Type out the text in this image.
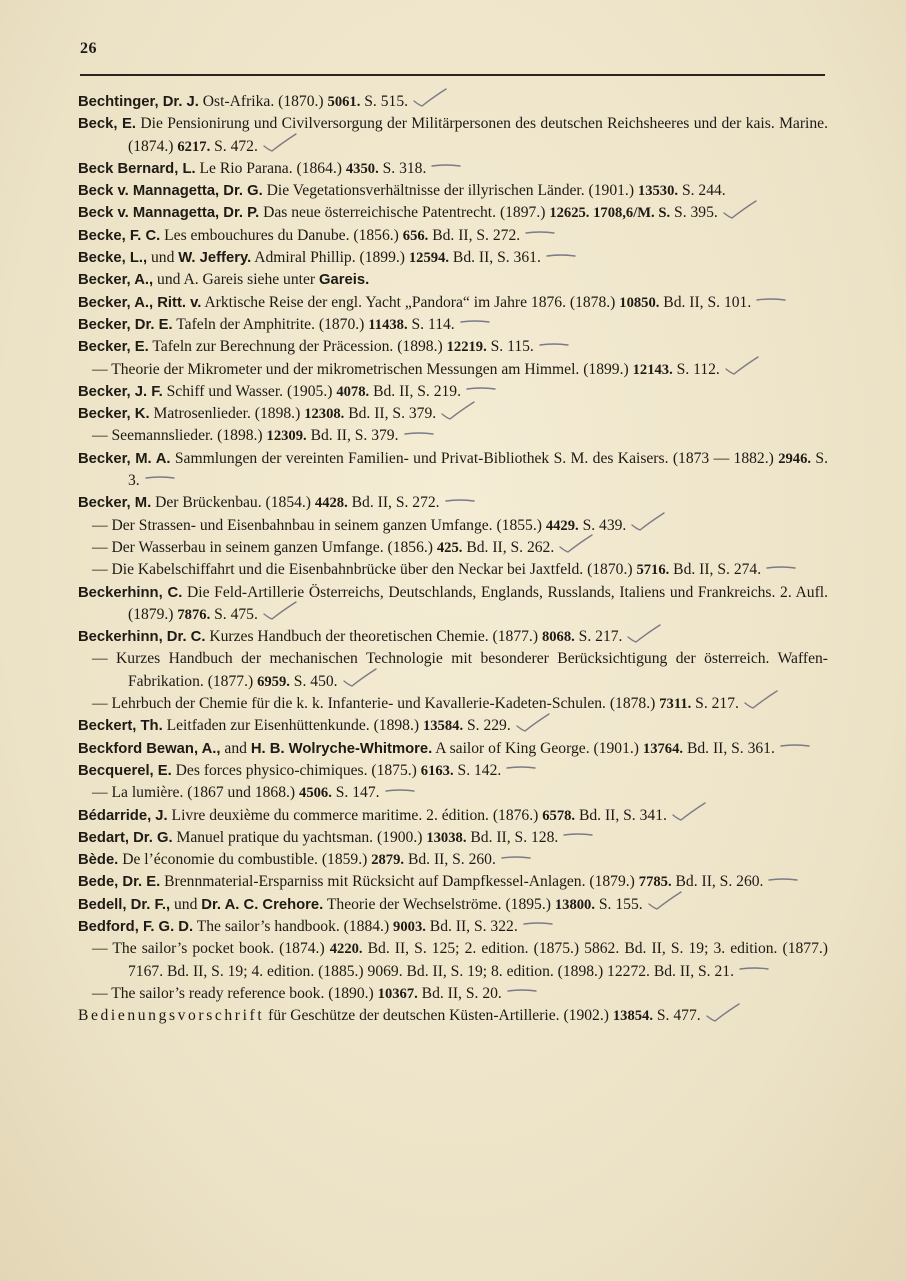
26
Bechtinger, Dr. J. Ost-Afrika. (1870.) 5061. S. 515.
Beck, E. Die Pensionirung und Civilversorgung der Militärpersonen des deutschen Reichsheeres und der kais. Marine. (1874.) 6217. S. 472.
Beck Bernard, L. Le Rio Parana. (1864.) 4350. S. 318.
Beck v. Mannagetta, Dr. G. Die Vegetationsverhältnisse der illyrischen Länder. (1901.) 13530. S. 244.
Beck v. Mannagetta, Dr. P. Das neue österreichische Patentrecht. (1897.) 12625. 1708,6/M. S. S. 395.
Becke, F. C. Les embouchures du Danube. (1856.) 656. Bd. II, S. 272.
Becke, L., und W. Jeffery. Admiral Phillip. (1899.) 12594. Bd. II, S. 361.
Becker, A., und A. Gareis siehe unter Gareis.
Becker, A., Ritt. v. Arktische Reise der engl. Yacht „Pandora“ im Jahre 1876. (1878.) 10850. Bd. II, S. 101.
Becker, Dr. E. Tafeln der Amphitrite. (1870.) 11438. S. 114.
Becker, E. Tafeln zur Berechnung der Präcession. (1898.) 12219. S. 115.
— Theorie der Mikrometer und der mikrometrischen Messungen am Himmel. (1899.) 12143. S. 112.
Becker, J. F. Schiff und Wasser. (1905.) 4078. Bd. II, S. 219.
Becker, K. Matrosenlieder. (1898.) 12308. Bd. II, S. 379.
— Seemannslieder. (1898.) 12309. Bd. II, S. 379.
Becker, M. A. Sammlungen der vereinten Familien- und Privat-Bibliothek S. M. des Kaisers. (1873 — 1882.) 2946. S. 3.
Becker, M. Der Brückenbau. (1854.) 4428. Bd. II, S. 272.
— Der Strassen- und Eisenbahnbau in seinem ganzen Umfange. (1855.) 4429. S. 439.
— Der Wasserbau in seinem ganzen Umfange. (1856.) 425. Bd. II, S. 262.
— Die Kabelschiffahrt und die Eisenbahnbrücke über den Neckar bei Jaxtfeld. (1870.) 5716. Bd. II, S. 274.
Beckerhinn, C. Die Feld-Artillerie Österreichs, Deutschlands, Englands, Russlands, Italiens und Frankreichs. 2. Aufl. (1879.) 7876. S. 475.
Beckerhinn, Dr. C. Kurzes Handbuch der theoretischen Chemie. (1877.) 8068. S. 217.
— Kurzes Handbuch der mechanischen Technologie mit besonderer Berücksichtigung der österreich. Waffen-Fabrikation. (1877.) 6959. S. 450.
— Lehrbuch der Chemie für die k. k. Infanterie- und Kavallerie-Kadeten-Schulen. (1878.) 7311. S. 217.
Beckert, Th. Leitfaden zur Eisenhüttenkunde. (1898.) 13584. S. 229.
Beckford Bewan, A., and H. B. Wolryche-Whitmore. A sailor of King George. (1901.) 13764. Bd. II, S. 361.
Becquerel, E. Des forces physico-chimiques. (1875.) 6163. S. 142.
— La lumière. (1867 und 1868.) 4506. S. 147.
Bédarride, J. Livre deuxième du commerce maritime. 2. édition. (1876.) 6578. Bd. II, S. 341.
Bedart, Dr. G. Manuel pratique du yachtsman. (1900.) 13038. Bd. II, S. 128.
Bède. De l’économie du combustible. (1859.) 2879. Bd. II, S. 260.
Bede, Dr. E. Brennmaterial-Ersparniss mit Rücksicht auf Dampfkessel-Anlagen. (1879.) 7785. Bd. II, S. 260.
Bedell, Dr. F., und Dr. A. C. Crehore. Theorie der Wechselströme. (1895.) 13800. S. 155.
Bedford, F. G. D. The sailor’s handbook. (1884.) 9003. Bd. II, S. 322.
— The sailor’s pocket book. (1874.) 4220. Bd. II, S. 125; 2. edition. (1875.) 5862. Bd. II, S. 19; 3. edition. (1877.) 7167. Bd. II, S. 19; 4. edition. (1885.) 9069. Bd. II, S. 19; 8. edition. (1898.) 12272. Bd. II, S. 21.
— The sailor’s ready reference book. (1890.) 10367. Bd. II, S. 20.
Bedienungsvorschrift für Geschütze der deutschen Küsten-Artillerie. (1902.) 13854. S. 477.
